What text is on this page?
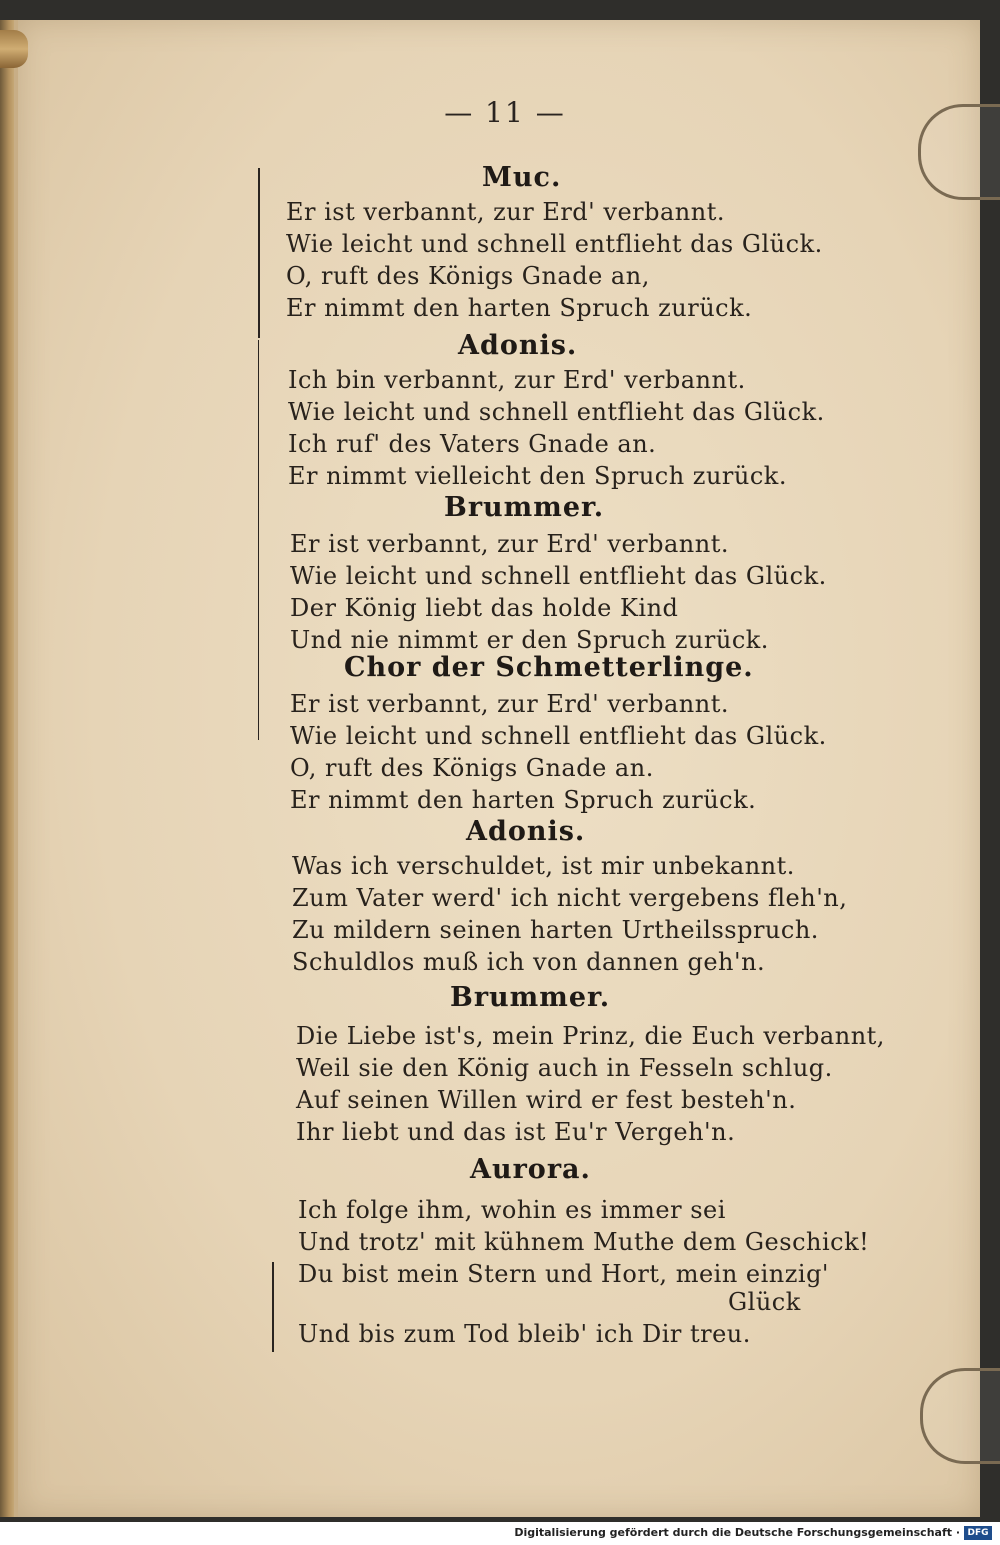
— 11 —
Muc.
Er ist verbannt, zur Erd' verbannt.
Wie leicht und schnell entflieht das Glück.
O, ruft des Königs Gnade an,
Er nimmt den harten Spruch zurück.
Adonis.
Ich bin verbannt, zur Erd' verbannt.
Wie leicht und schnell entflieht das Glück.
Ich ruf' des Vaters Gnade an.
Er nimmt vielleicht den Spruch zurück.
Brummer.
Er ist verbannt, zur Erd' verbannt.
Wie leicht und schnell entflieht das Glück.
Der König liebt das holde Kind
Und nie nimmt er den Spruch zurück.
Chor der Schmetterlinge.
Er ist verbannt, zur Erd' verbannt.
Wie leicht und schnell entflieht das Glück.
O, ruft des Königs Gnade an.
Er nimmt den harten Spruch zurück.
Adonis.
Was ich verschuldet, ist mir unbekannt.
Zum Vater werd' ich nicht vergebens fleh'n,
Zu mildern seinen harten Urtheilsspruch.
Schuldlos muß ich von dannen geh'n.
Brummer.
Die Liebe ist's, mein Prinz, die Euch verbannt,
Weil sie den König auch in Fesseln schlug.
Auf seinen Willen wird er fest besteh'n.
Ihr liebt und das ist Eu'r Vergeh'n.
Aurora.
Ich folge ihm, wohin es immer sei
Und trotz' mit kühnem Muthe dem Geschick!
Du bist mein Stern und Hort, mein einzig'
Glück
Und bis zum Tod bleib' ich Dir treu.
Digitalisierung gefördert durch die Deutsche Forschungsgemeinschaft · DFG
